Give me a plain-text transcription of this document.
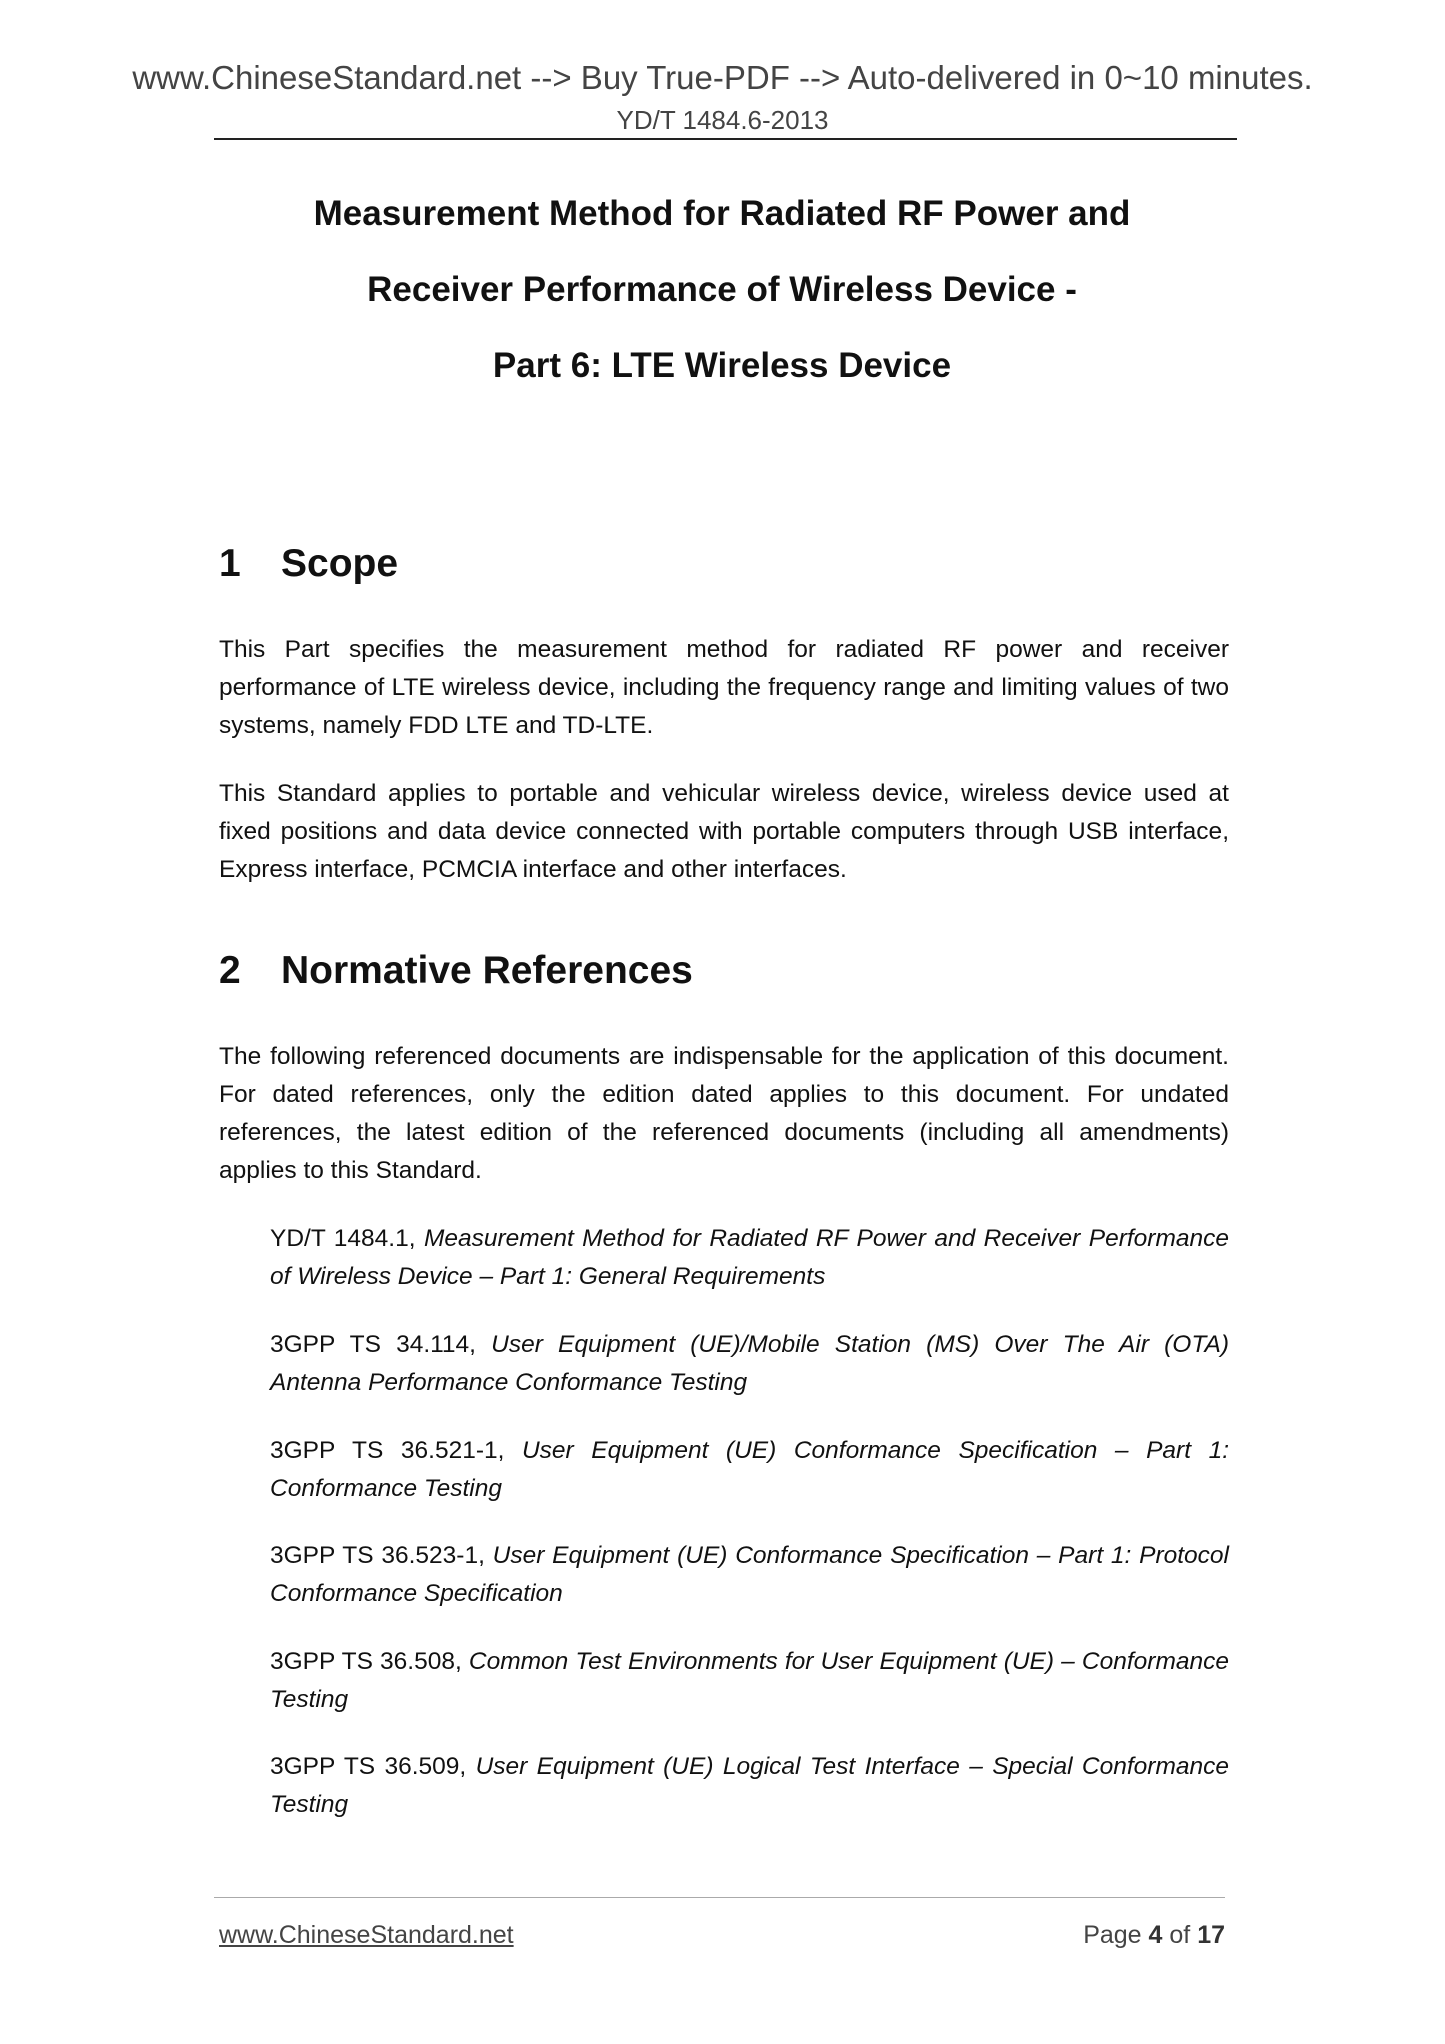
www.ChineseStandard.net --> Buy True-PDF --> Auto-delivered in 0~10 minutes.
YD/T 1484.6-2013
Measurement Method for Radiated RF Power and
Receiver Performance of Wireless Device -
Part 6: LTE Wireless Device
1 Scope
This Part specifies the measurement method for radiated RF power and receiver performance of LTE wireless device, including the frequency range and limiting values of two systems, namely FDD LTE and TD-LTE.
This Standard applies to portable and vehicular wireless device, wireless device used at fixed positions and data device connected with portable computers through USB interface, Express interface, PCMCIA interface and other interfaces.
2 Normative References
The following referenced documents are indispensable for the application of this document. For dated references, only the edition dated applies to this document. For undated references, the latest edition of the referenced documents (including all amendments) applies to this Standard.
YD/T 1484.1, Measurement Method for Radiated RF Power and Receiver Performance of Wireless Device – Part 1: General Requirements
3GPP TS 34.114, User Equipment (UE)/Mobile Station (MS) Over The Air (OTA) Antenna Performance Conformance Testing
3GPP TS 36.521-1, User Equipment (UE) Conformance Specification – Part 1: Conformance Testing
3GPP TS 36.523-1, User Equipment (UE) Conformance Specification – Part 1: Protocol Conformance Specification
3GPP TS 36.508, Common Test Environments for User Equipment (UE) – Conformance Testing
3GPP TS 36.509, User Equipment (UE) Logical Test Interface – Special Conformance Testing
www.ChineseStandard.net	Page 4 of 17
